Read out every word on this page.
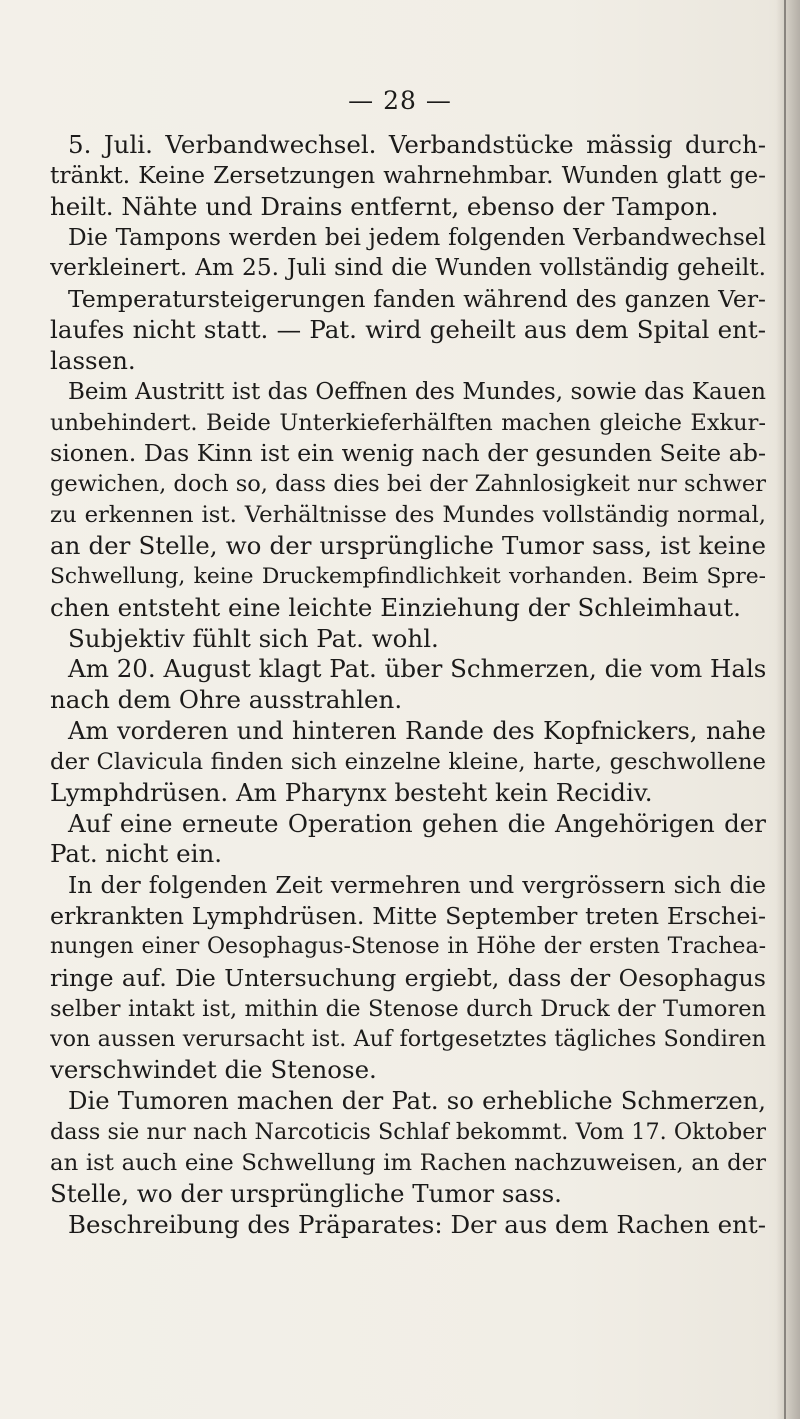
— 28 —
5. Juli. Verbandwechsel. Verbandstücke mässig durch-
tränkt. Keine Zersetzungen wahrnehmbar. Wunden glatt ge-
heilt. Nähte und Drains entfernt, ebenso der Tampon.
Die Tampons werden bei jedem folgenden Verbandwechsel
verkleinert. Am 25. Juli sind die Wunden vollständig geheilt.
Temperatursteigerungen fanden während des ganzen Ver-
laufes nicht statt. — Pat. wird geheilt aus dem Spital ent-
lassen.
Beim Austritt ist das Oeffnen des Mundes, sowie das Kauen
unbehindert. Beide Unterkieferhälften machen gleiche Exkur-
sionen. Das Kinn ist ein wenig nach der gesunden Seite ab-
gewichen, doch so, dass dies bei der Zahnlosigkeit nur schwer
zu erkennen ist. Verhältnisse des Mundes vollständig normal,
an der Stelle, wo der ursprüngliche Tumor sass, ist keine
Schwellung, keine Druckempfindlichkeit vorhanden. Beim Spre-
chen entsteht eine leichte Einziehung der Schleimhaut.
Subjektiv fühlt sich Pat. wohl.
Am 20. August klagt Pat. über Schmerzen, die vom Hals
nach dem Ohre ausstrahlen.
Am vorderen und hinteren Rande des Kopfnickers, nahe
der Clavicula finden sich einzelne kleine, harte, geschwollene
Lymphdrüsen. Am Pharynx besteht kein Recidiv.
Auf eine erneute Operation gehen die Angehörigen der
Pat. nicht ein.
In der folgenden Zeit vermehren und vergrössern sich die
erkrankten Lymphdrüsen. Mitte September treten Erschei-
nungen einer Oesophagus-Stenose in Höhe der ersten Trachea-
ringe auf. Die Untersuchung ergiebt, dass der Oesophagus
selber intakt ist, mithin die Stenose durch Druck der Tumoren
von aussen verursacht ist. Auf fortgesetztes tägliches Sondiren
verschwindet die Stenose.
Die Tumoren machen der Pat. so erhebliche Schmerzen,
dass sie nur nach Narcoticis Schlaf bekommt. Vom 17. Oktober
an ist auch eine Schwellung im Rachen nachzuweisen, an der
Stelle, wo der ursprüngliche Tumor sass.
Beschreibung des Präparates: Der aus dem Rachen ent-
